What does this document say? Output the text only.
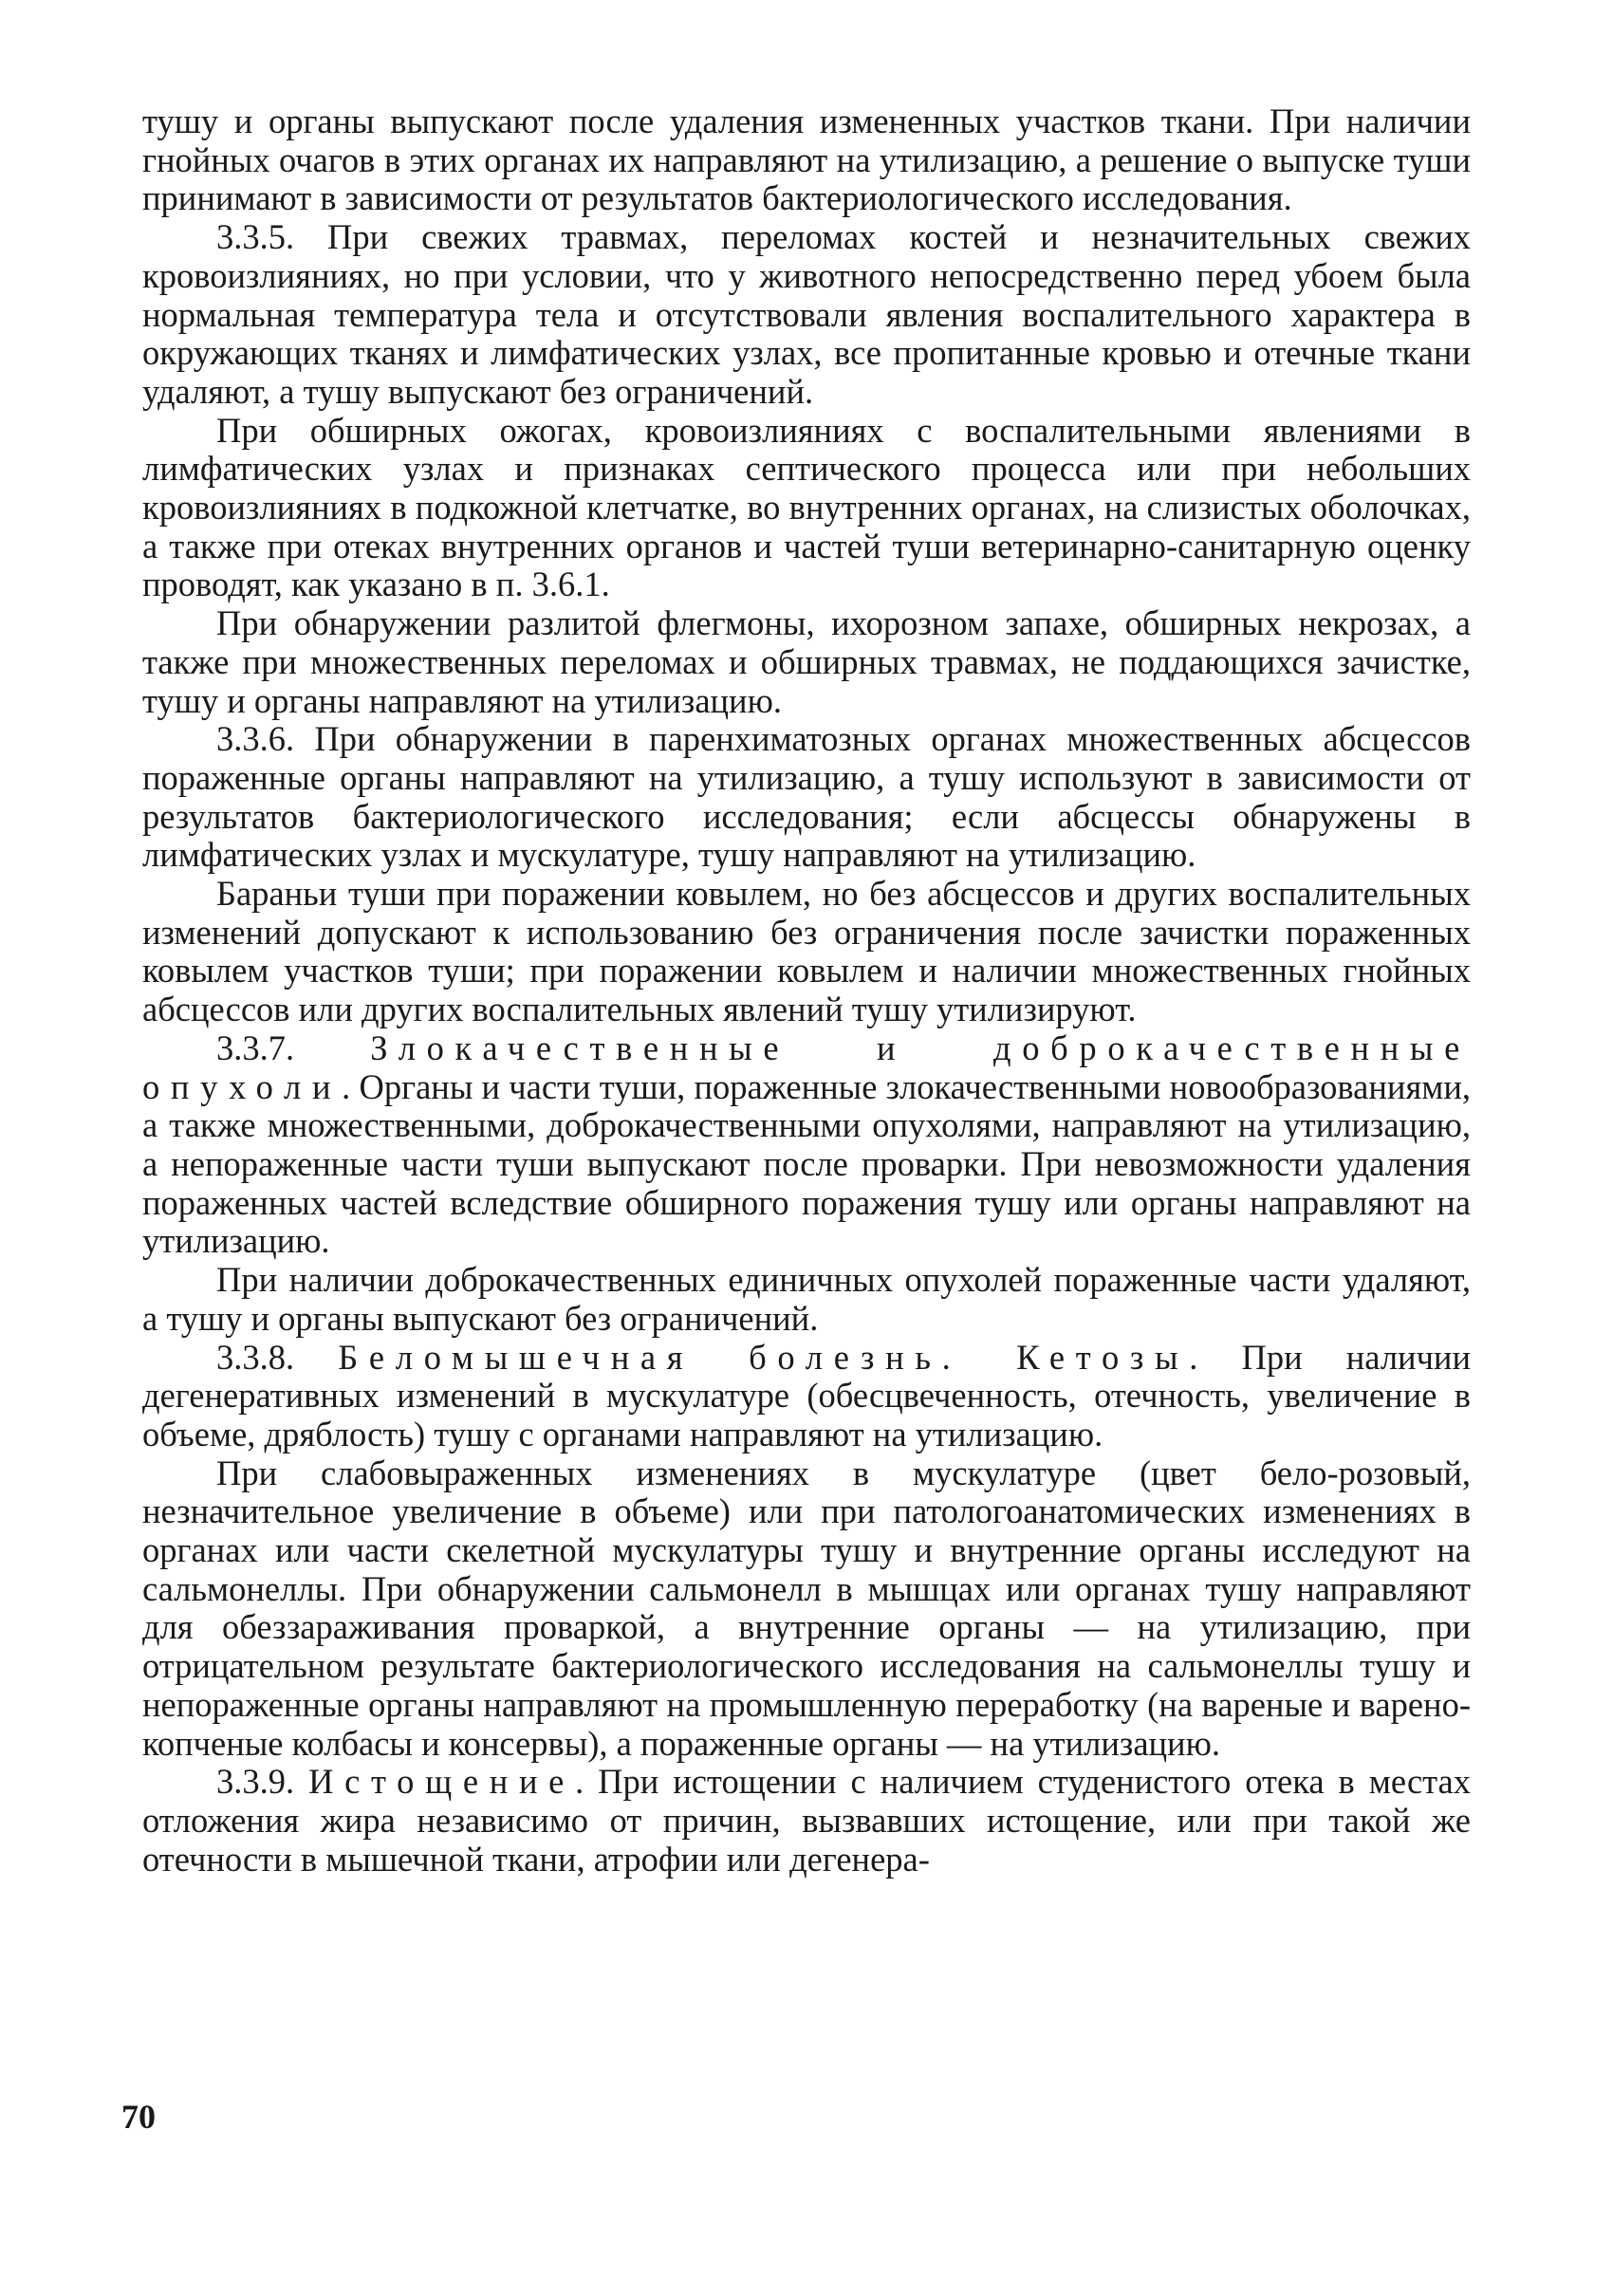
тушу и органы выпускают после удаления измененных участков ткани. При наличии гнойных очагов в этих органах их направляют на утилизацию, а решение о выпуске туши принимают в зависимости от результатов бактериологического исследования.

3.3.5. При свежих травмах, переломах костей и незначительных свежих кровоизлияниях, но при условии, что у животного непосредственно перед убоем была нормальная температура тела и отсутствовали явления воспалительного характера в окружающих тканях и лимфатических узлах, все пропитанные кровью и отечные ткани удаляют, а тушу выпускают без ограничений.

При обширных ожогах, кровоизлияниях с воспалительными явлениями в лимфатических узлах и признаках септического процесса или при небольших кровоизлияниях в подкожной клетчатке, во внутренних органах, на слизистых оболочках, а также при отеках внутренних органов и частей туши ветеринарно-санитарную оценку проводят, как указано в п. 3.6.1.

При обнаружении разлитой флегмоны, ихорозном запахе, обширных некрозах, а также при множественных переломах и обширных травмах, не поддающихся зачистке, тушу и органы направляют на утилизацию.

3.3.6. При обнаружении в паренхиматозных органах множественных абсцессов пораженные органы направляют на утилизацию, а тушу используют в зависимости от результатов бактериологического исследования; если абсцессы обнаружены в лимфатических узлах и мускулатуре, тушу направляют на утилизацию.

Бараньи туши при поражении ковылем, но без абсцессов и других воспалительных изменений допускают к использованию без ограничения после зачистки пораженных ковылем участков туши; при поражении ковылем и наличии множественных гнойных абсцессов или других воспалительных явлений тушу утилизируют.

3.3.7. Злокачественные и доброкачественные опухоли. Органы и части туши, пораженные злокачественными новообразованиями, а также множественными, доброкачественными опухолями, направляют на утилизацию, а непораженные части туши выпускают после проварки. При невозможности удаления пораженных частей вследствие обширного поражения тушу или органы направляют на утилизацию.

При наличии доброкачественных единичных опухолей пораженные части удаляют, а тушу и органы выпускают без ограничений.

3.3.8. Беломышечная болезнь. Кетозы. При наличии дегенеративных изменений в мускулатуре (обесцвеченность, отечность, увеличение в объеме, дряблость) тушу с органами направляют на утилизацию.

При слабовыраженных изменениях в мускулатуре (цвет бело-розовый, незначительное увеличение в объеме) или при патологоанатомических изменениях в органах или части скелетной мускулатуры тушу и внутренние органы исследуют на сальмонеллы. При обнаружении сальмонелл в мышцах или органах тушу направляют для обеззараживания проваркой, а внутренние органы — на утилизацию, при отрицательном результате бактериологического исследования на сальмонеллы тушу и непораженные органы направляют на промышленную переработку (на вареные и варено-копченые колбасы и консервы), а пораженные органы — на утилизацию.

3.3.9. Истощение. При истощении с наличием студенистого отека в местах отложения жира независимо от причин, вызвавших истощение, или при такой же отечности в мышечной ткани, атрофии или дегенера-

70
